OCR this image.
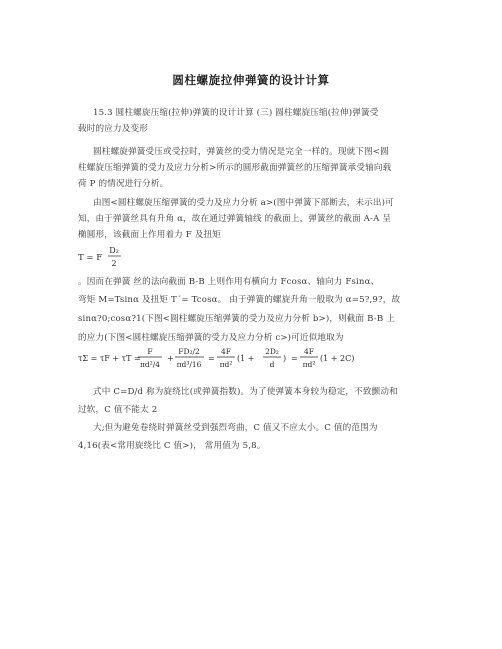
圆柱螺旋拉伸弹簧的设计计算
15.3 圆柱螺旋压缩(拉伸)弹簧的设计计算 (三) 圆柱螺旋压缩(拉伸)弹簧受
载时的应力及变形
圆柱螺旋弹簧受压或受拉时，弹簧丝的受力情况是完全一样的。现就下图<圆
柱螺旋压缩弹簧的受力及应力分析>所示的圆形截面弹簧丝的压缩弹簧承受轴向载
荷 P 的情况进行分析。
由图<圆柱螺旋压缩弹簧的受力及应力分析 a>(图中弹簧下部断去，未示出)可
知，由于弹簧丝具有升角 α，故在通过弹簧轴线 的截面上，弹簧丝的截面 A-A 呈
椭圆形，该截面上作用着力 F 及扭矩
T = F
D₂
2
。因而在弹簧 丝的法向截面 B-B 上则作用有横向力 Fcosα、轴向力 Fsinα、
弯矩 M=Tsinα 及扭矩 T´= Tcosα。 由于弹簧的螺旋升角一般取为 α=5?,9?，故
sinα?0;cosα?1(下图<圆柱螺旋压缩弹簧的受力及应力分析 b>)，则截面 B-B 上
的应力(下图<圆柱螺旋压缩弹簧的受力及应力分析 c>)可近似地取为
τΣ = τF + τT =
F
πd²/4
+
FD₂/2
πd³/16
=
4F
πd²
(1 +
2D₂
d
) =
4F
πd²
(1 + 2C)
式中 C=D/d 称为旋绕比(或弹簧指数)。为了使弹簧本身较为稳定，不致颤动和
过软，C 值不能太 2
大;但为避免卷绕时弹簧丝受到强烈弯曲，C 值又不应太小。C 值的范围为
4,16(表<常用旋绕比 C 值>)， 常用值为 5,8。
